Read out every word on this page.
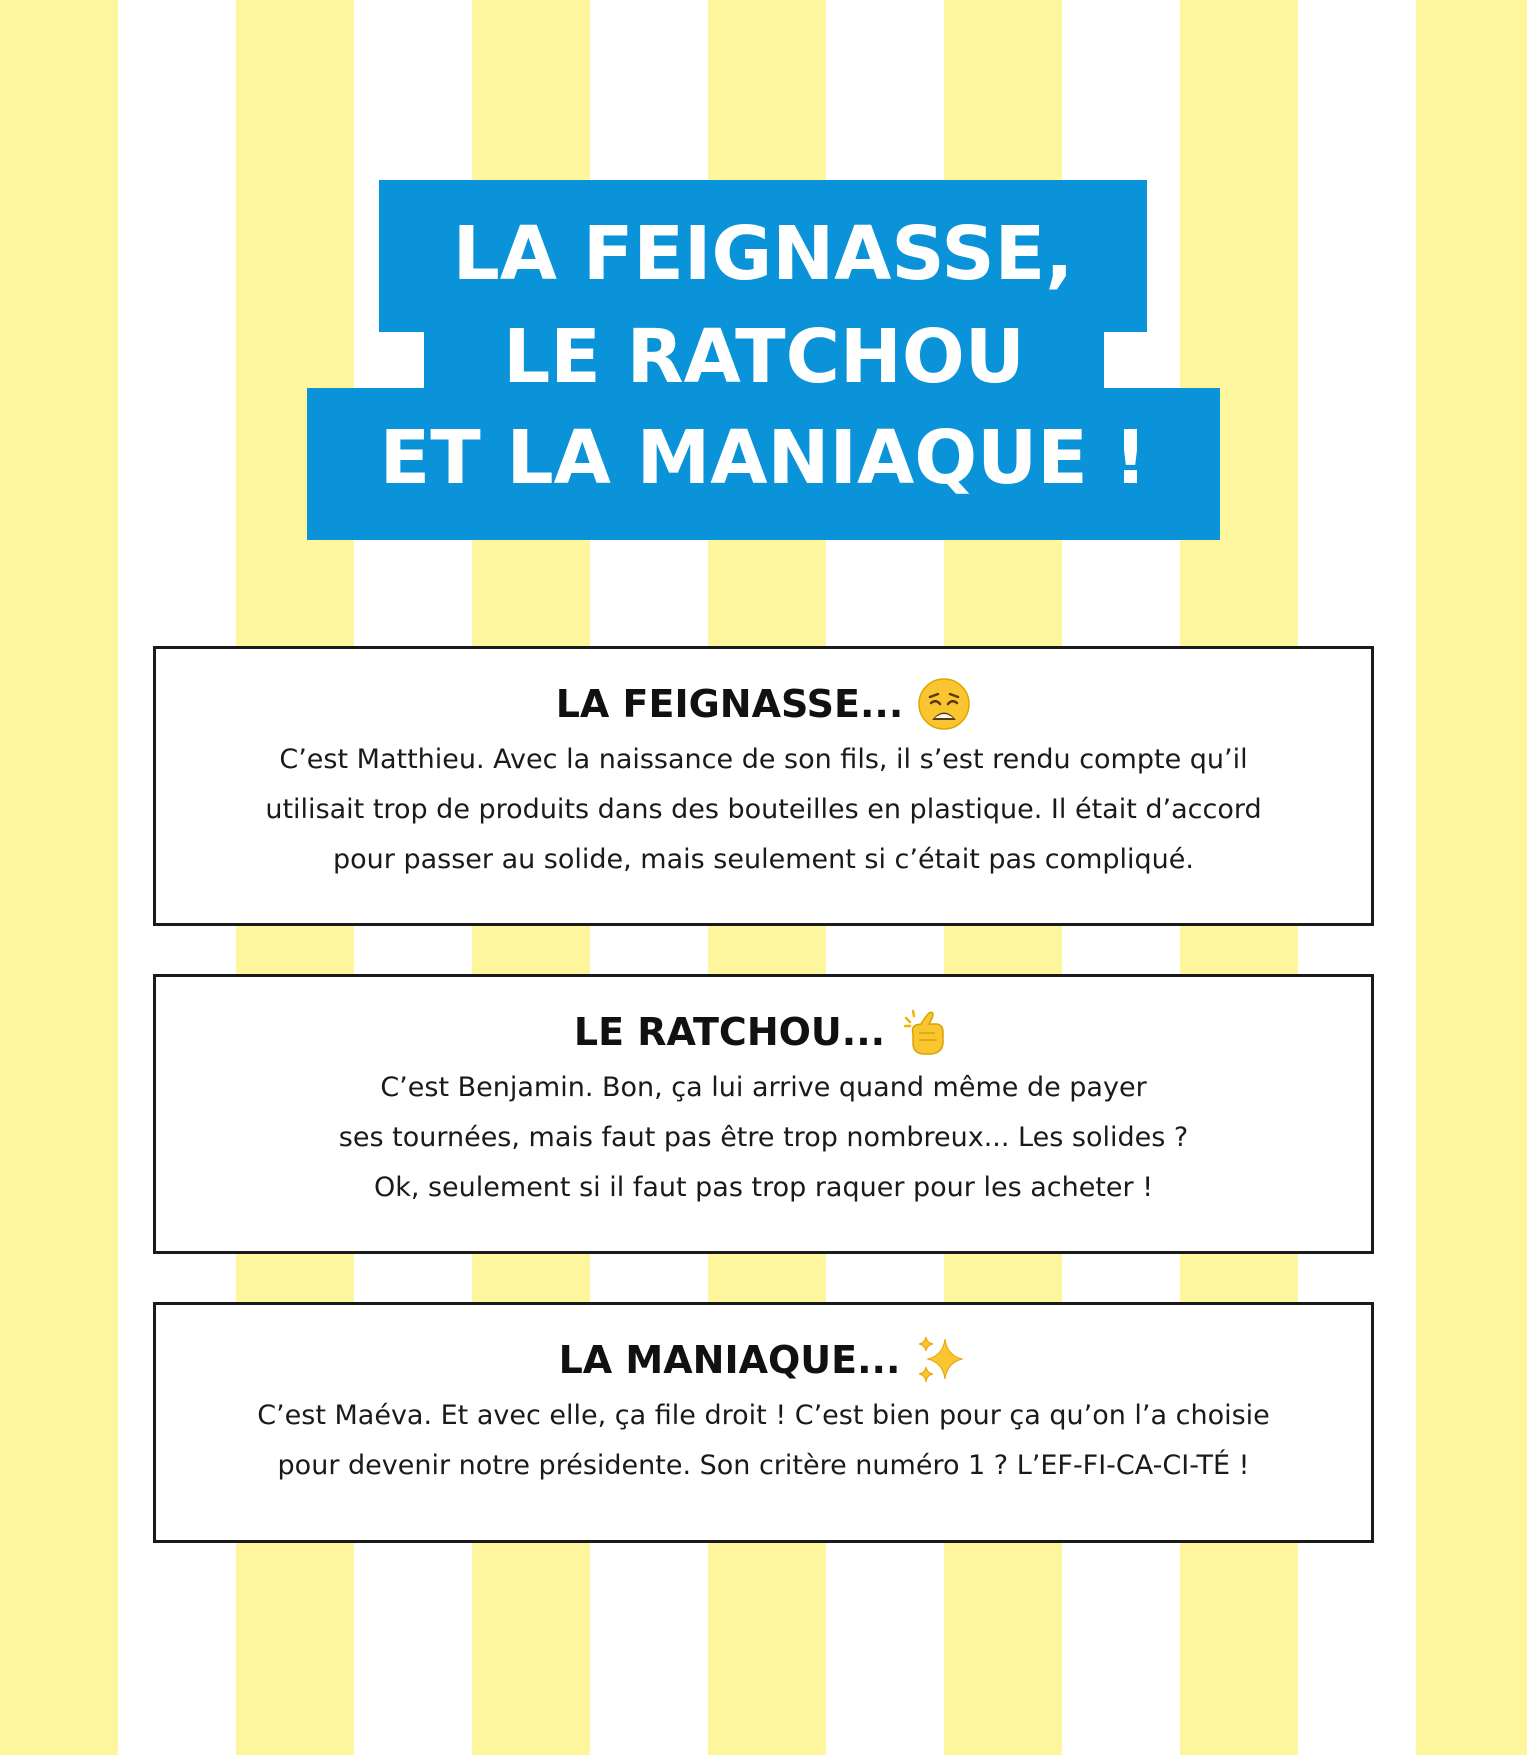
LA FEIGNASSE,
ET LA MANIAQUE !
LE RATCHOU
LA FEIGNASSE...

C’est Matthieu. Avec la naissance de son fils, il s’est rendu compte qu’il

utilisait trop de produits dans des bouteilles en plastique. Il était d’accord

pour passer au solide, mais seulement si c’était pas compliqué.

LE RATCHOU...

C’est Benjamin. Bon, ça lui arrive quand même de payer

ses tournées, mais faut pas être trop nombreux... Les solides ?

Ok, seulement si il faut pas trop raquer pour les acheter !

LA MANIAQUE...

C’est Maéva. Et avec elle, ça file droit ! C’est bien pour ça qu’on l’a choisie

pour devenir notre présidente. Son critère numéro 1 ? L’EF-FI-CA-CI-TÉ !
